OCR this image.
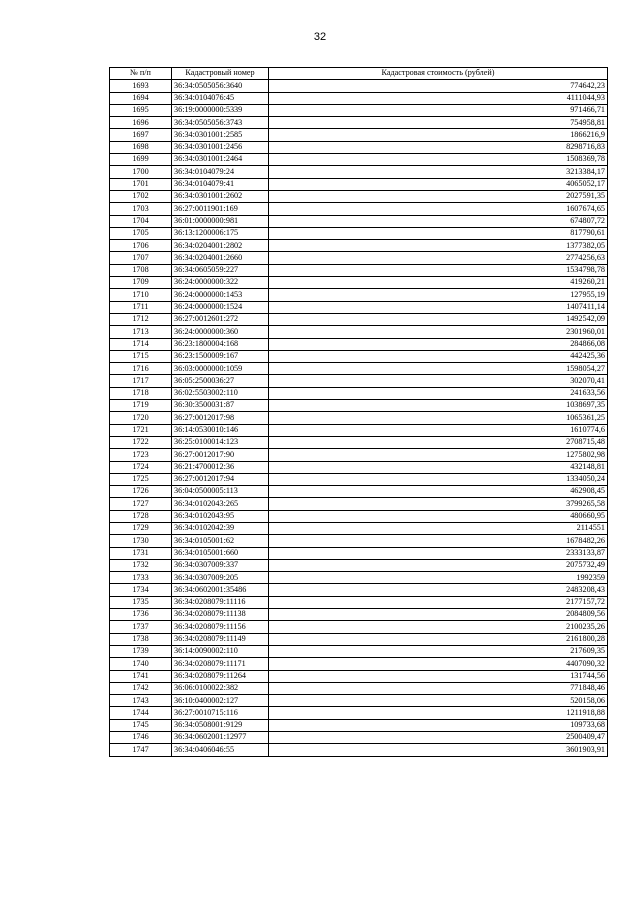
32
№ п/п	Кадастровый номер	Кадастровая стоимость (рублей)
1693	36:34:0505056:3640	774642,23
1694	36:34:0104076:45	4111044,93
1695	36:19:0000000:5339	971466,71
1696	36:34:0505056:3743	754958,81
1697	36:34:0301001:2585	1866216,9
1698	36:34:0301001:2456	8298716,83
1699	36:34:0301001:2464	1508369,78
1700	36:34:0104079:24	3213384,17
1701	36:34:0104079:41	4065052,17
1702	36:34:0301001:2602	2027591,35
1703	36:27:0011901:169	1607674,65
1704	36:01:0000000:981	674807,72
1705	36:13:1200006:175	817790,61
1706	36:34:0204001:2802	1377382,05
1707	36:34:0204001:2660	2774256,63
1708	36:34:0605059:227	1534798,78
1709	36:24:0000000:322	419260,21
1710	36:24:0000000:1453	127955,19
1711	36:24:0000000:1524	1407411,14
1712	36:27:0012601:272	1492542,09
1713	36:24:0000000:360	2301960,01
1714	36:23:1800004:168	284866,08
1715	36:23:1500009:167	442425,36
1716	36:03:0000000:1059	1598054,27
1717	36:05:2500036:27	302070,41
1718	36:02:5503002:110	241633,56
1719	36:30:3500031:87	1038697,35
1720	36:27:0012017:98	1065361,25
1721	36:14:0530010:146	1610774,6
1722	36:25:0100014:123	2708715,48
1723	36:27:0012017:90	1275802,98
1724	36:21:4700012:36	432148,81
1725	36:27:0012017:94	1334050,24
1726	36:04:0500005:113	462908,45
1727	36:34:0102043:265	3799265,58
1728	36:34:0102043:95	480660,95
1729	36:34:0102042:39	2114551
1730	36:34:0105001:62	1678482,26
1731	36:34:0105001:660	2333133,87
1732	36:34:0307009:337	2075732,49
1733	36:34:0307009:205	1992359
1734	36:34:0602001:35486	2483208,43
1735	36:34:0208079:11116	2177157,72
1736	36:34:0208079:11138	2084809,56
1737	36:34:0208079:11156	2100235,26
1738	36:34:0208079:11149	2161800,28
1739	36:14:0090002:110	217609,35
1740	36:34:0208079:11171	4407090,32
1741	36:34:0208079:11264	131744,56
1742	36:06:0100022:382	771848,46
1743	36:10:0400002:127	520158,06
1744	36:27:0010715:116	1211918,88
1745	36:34:0508001:9129	109733,68
1746	36:34:0602001:12977	2500409,47
1747	36:34:0406046:55	3601903,91
